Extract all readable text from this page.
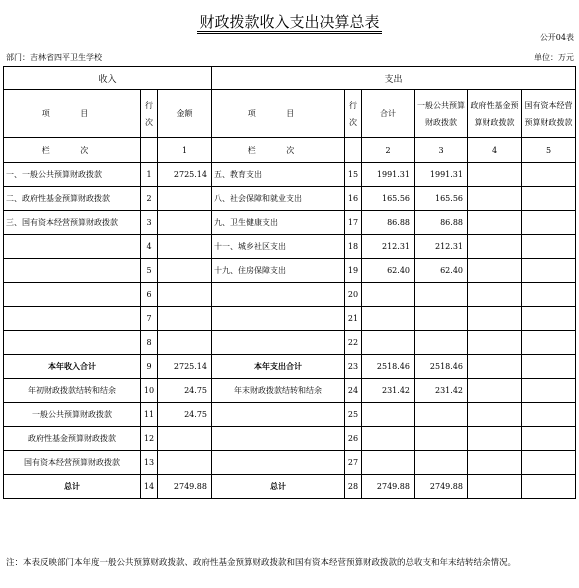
财政拨款收入支出决算总表
公开04表
部门：吉林省四平卫生学校	单位：万元
收入			支出					
项 目	行次	金额	项 目	行次	合计	一般公共预算财政拨款	政府性基金预算财政拨款	国有资本经营预算财政拨款
栏 次		1	栏 次		2	3	4	5
一、一般公共预算财政拨款	1	2725.14	五、教育支出	15	1991.31	1991.31		
二、政府性基金预算财政拨款	2		八、社会保障和就业支出	16	165.56	165.56		
三、国有资本经营预算财政拨款	3		九、卫生健康支出	17	86.88	86.88		
	4		十一、城乡社区支出	18	212.31	212.31		
	5		十九、住房保障支出	19	62.40	62.40		
	6			20				
	7			21				
	8			22				
本年收入合计	9	2725.14	本年支出合计	23	2518.46	2518.46		
年初财政拨款结转和结余	10	24.75	年末财政拨款结转和结余	24	231.42	231.42		
一般公共预算财政拨款	11	24.75		25				
政府性基金预算财政拨款	12			26				
国有资本经营预算财政拨款	13			27				
总计	14	2749.88	总计	28	2749.88	2749.88		
注：本表反映部门本年度一般公共预算财政拨款、政府性基金预算财政拨款和国有资本经营预算财政拨款的总收支和年末结转结余情况。
